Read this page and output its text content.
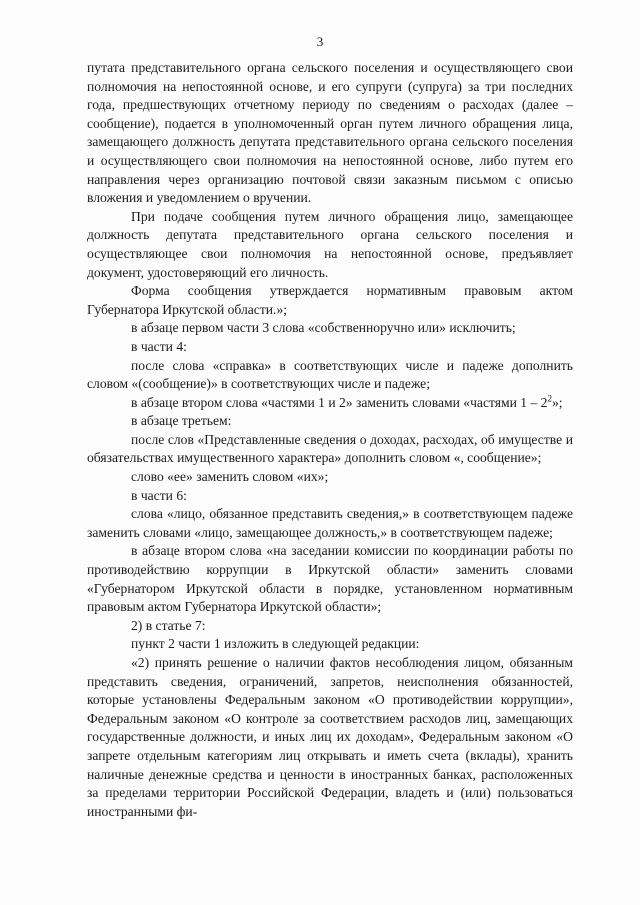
3

путата представительного органа сельского поселения и осуществляющего свои полномочия на непостоянной основе, и его супруги (супруга) за три последних года, предшествующих отчетному периоду по сведениям о расходах (далее – сообщение), подается в уполномоченный орган путем личного обращения лица, замещающего должность депутата представительного органа сельского поселения и осуществляющего свои полномочия на непостоянной основе, либо путем его направления через организацию почтовой связи заказным письмом с описью вложения и уведомлением о вручении.

При подаче сообщения путем личного обращения лицо, замещающее должность депутата представительного органа сельского поселения и осуществляющее свои полномочия на непостоянной основе, предъявляет документ, удостоверяющий его личность.

Форма сообщения утверждается нормативным правовым актом Губернатора Иркутской области.»;

в абзаце первом части 3 слова «собственноручно или» исключить;

в части 4:

после слова «справка» в соответствующих числе и падеже дополнить словом «(сообщение)» в соответствующих числе и падеже;

в абзаце втором слова «частями 1 и 2» заменить словами «частями $1 - 2^2$»;

в абзаце третьем:

после слов «Представленные сведения о доходах, расходах, об имуществе и обязательствах имущественного характера» дополнить словом «, сообщение»;

слово «ее» заменить словом «их»;

в части 6:

слова «лицо, обязанное представить сведения,» в соответствующем падеже заменить словами «лицо, замещающее должность,» в соответствующем падеже;

в абзаце втором слова «на заседании комиссии по координации работы по противодействию коррупции в Иркутской области» заменить словами «Губернатором Иркутской области в порядке, установленном нормативным правовым актом Губернатора Иркутской области»;

2) в статье 7:

пункт 2 части 1 изложить в следующей редакции:

«2) принять решение о наличии фактов несоблюдения лицом, обязанным представить сведения, ограничений, запретов, неисполнения обязанностей, которые установлены Федеральным законом «О противодействии коррупции», Федеральным законом «О контроле за соответствием расходов лиц, замещающих государственные должности, и иных лиц их доходам», Федеральным законом «О запрете отдельным категориям лиц открывать и иметь счета (вклады), хранить наличные денежные средства и ценности в иностранных банках, расположенных за пределами территории Российской Федерации, владеть и (или) пользоваться иностранными фи-
